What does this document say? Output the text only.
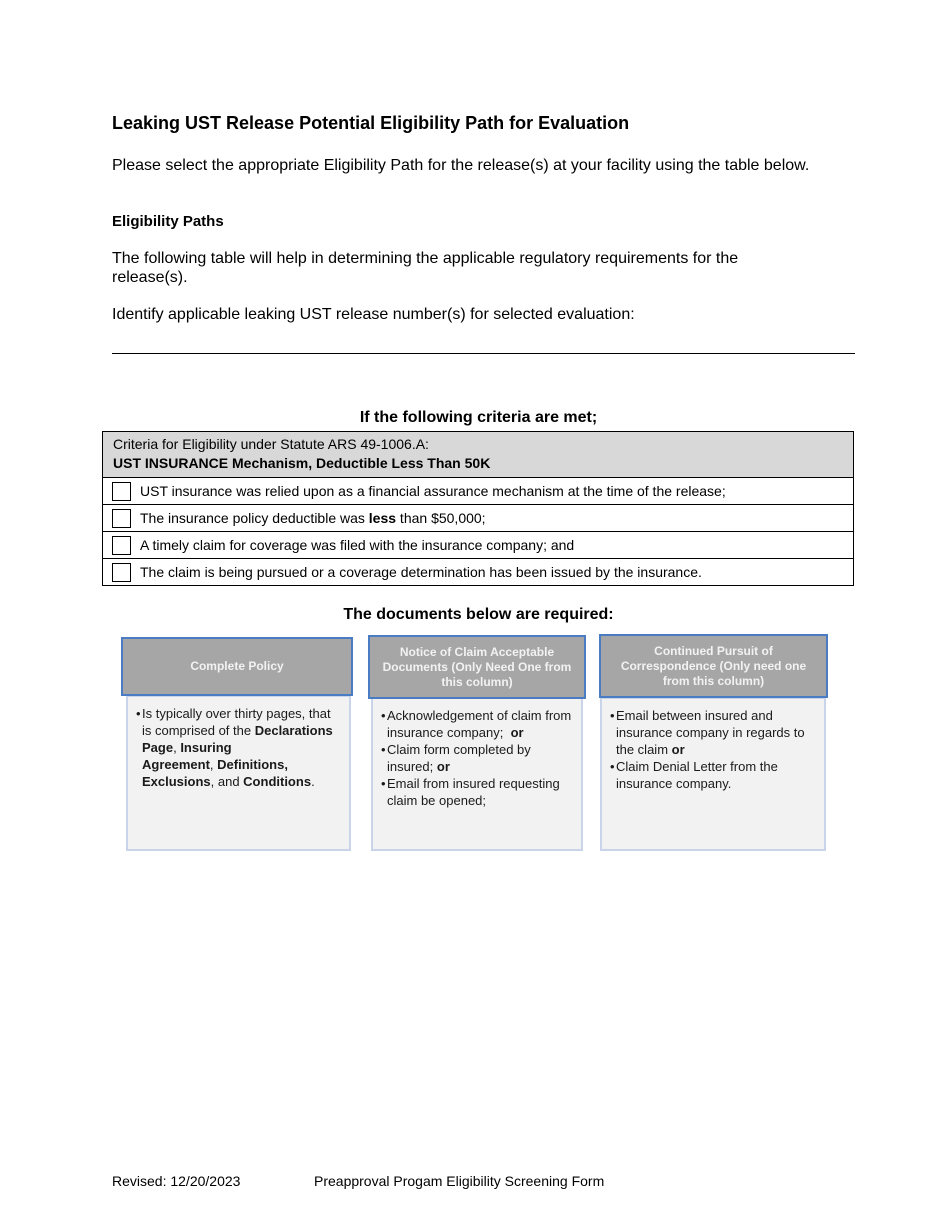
Leaking UST Release Potential Eligibility Path for Evaluation
Please select the appropriate Eligibility Path for the release(s) at your facility using the table below.
Eligibility Paths
The following table will help in determining the applicable regulatory requirements for the release(s).
Identify applicable leaking UST release number(s) for selected evaluation:
If the following criteria are met;
Criteria for Eligibility under Statute ARS 49-1006.A:
UST INSURANCE Mechanism, Deductible Less Than 50K
UST insurance was relied upon as a financial assurance mechanism at the time of the release;
The insurance policy deductible was less than $50,000;
A timely claim for coverage was filed with the insurance company; and
The claim is being pursued or a coverage determination has been issued by the insurance.
The documents below are required:
• Is typically over thirty pages, that is comprised of the Declarations Page, Insuring Agreement, Definitions, Exclusions, and Conditions.
Complete Policy
• Acknowledgement of claim from insurance company;  or
• Claim form completed by insured; or
• Email from insured requesting claim be opened;
Notice of Claim Acceptable Documents (Only Need One from this column)
• Email between insured and insurance company in regards to the claim or
• Claim Denial Letter from the insurance company.
Continued Pursuit of Correspondence (Only need one from this column)
Revised: 12/20/2023	Preapproval Progam Eligibility Screening Form
